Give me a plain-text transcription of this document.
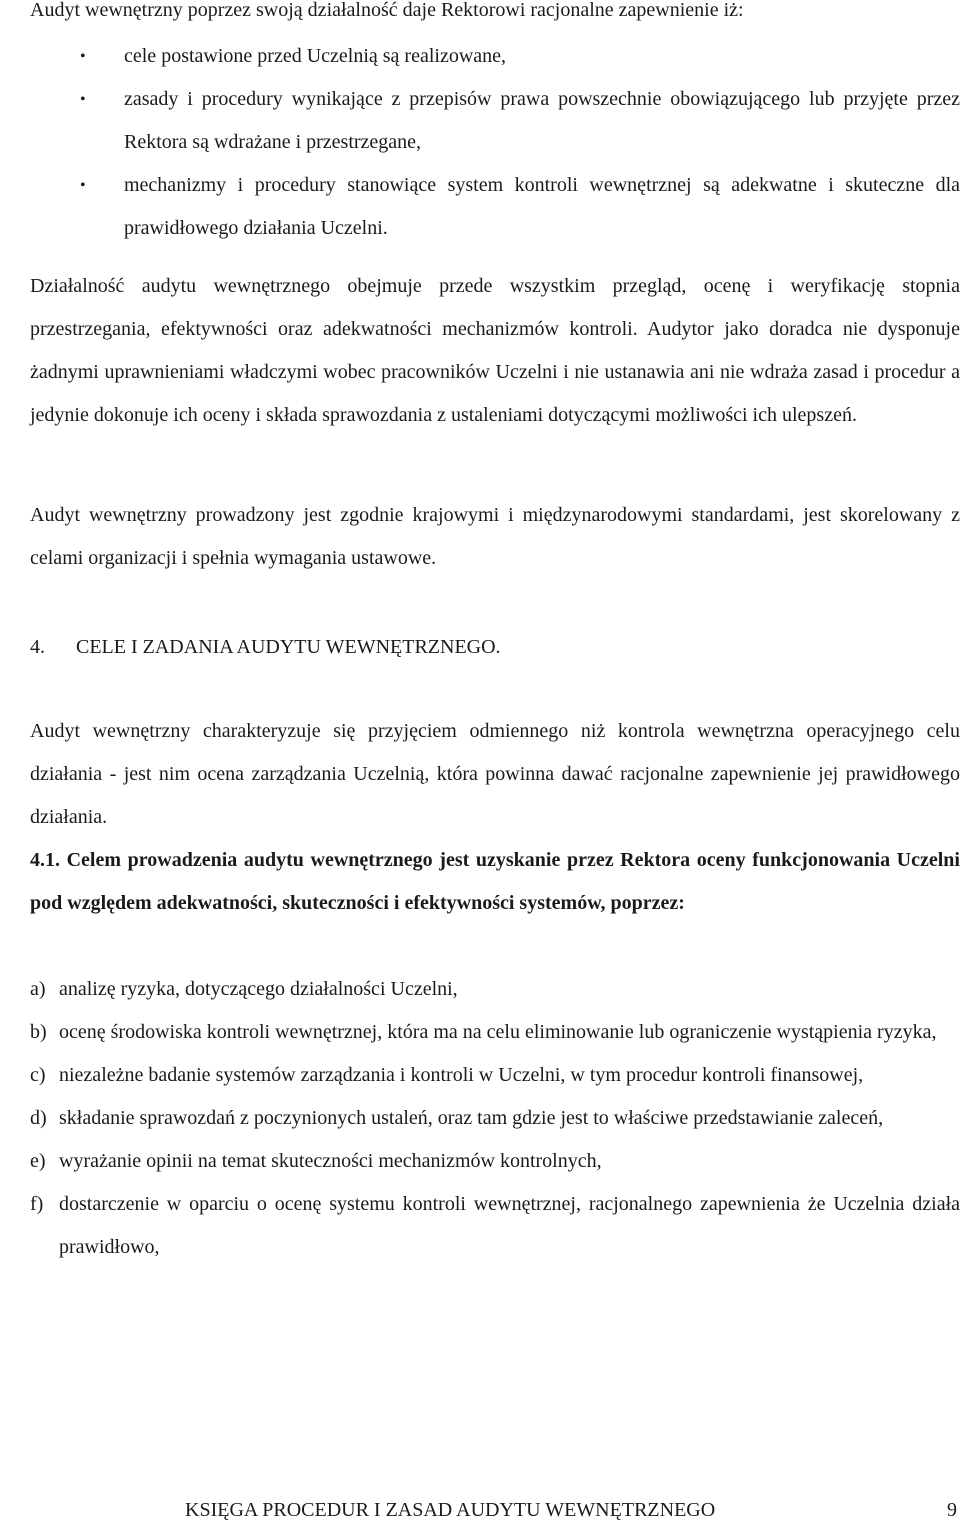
Audyt wewnętrzny poprzez swoją działalność daje Rektorowi racjonalne zapewnienie iż:

• cele postawione przed Uczelnią są realizowane,
• zasady i procedury wynikające z przepisów prawa powszechnie obowiązującego lub przyjęte przez Rektora są wdrażane i przestrzegane,
• mechanizmy i procedury stanowiące system kontroli wewnętrznej są adekwatne i skuteczne dla prawidłowego działania Uczelni.

Działalność audytu wewnętrznego obejmuje przede wszystkim przegląd, ocenę i weryfikację stopnia przestrzegania, efektywności oraz adekwatności mechanizmów kontroli. Audytor jako doradca nie dysponuje żadnymi uprawnieniami władczymi wobec pracowników Uczelni i nie ustanawia ani nie wdraża zasad i procedur a jedynie dokonuje ich oceny i składa sprawozdania z ustaleniami dotyczącymi możliwości ich ulepszeń.

Audyt wewnętrzny prowadzony jest zgodnie krajowymi i międzynarodowymi standardami, jest skorelowany z celami organizacji i spełnia wymagania ustawowe.

4. CELE I ZADANIA AUDYTU WEWNĘTRZNEGO.

Audyt wewnętrzny charakteryzuje się przyjęciem odmiennego niż kontrola wewnętrzna operacyjnego celu działania - jest nim ocena zarządzania Uczelnią, która powinna dawać racjonalne zapewnienie jej prawidłowego działania.

4.1. Celem prowadzenia audytu wewnętrznego jest uzyskanie przez Rektora oceny funkcjonowania Uczelni pod względem adekwatności, skuteczności i efektywności systemów, poprzez:

a) analizę ryzyka, dotyczącego działalności Uczelni,
b) ocenę środowiska kontroli wewnętrznej, która ma na celu eliminowanie lub ograniczenie wystąpienia ryzyka,
c) niezależne badanie systemów zarządzania i kontroli w Uczelni, w tym procedur kontroli finansowej,
d) składanie sprawozdań z poczynionych ustaleń, oraz tam gdzie jest to właściwe przedstawianie zaleceń,
e) wyrażanie opinii na temat skuteczności mechanizmów kontrolnych,
f) dostarczenie w oparciu o ocenę systemu kontroli wewnętrznej, racjonalnego zapewnienia że Uczelnia działa prawidłowo,
KSIĘGA PROCEDUR I ZASAD AUDYTU WEWNĘTRZNEGO	9
